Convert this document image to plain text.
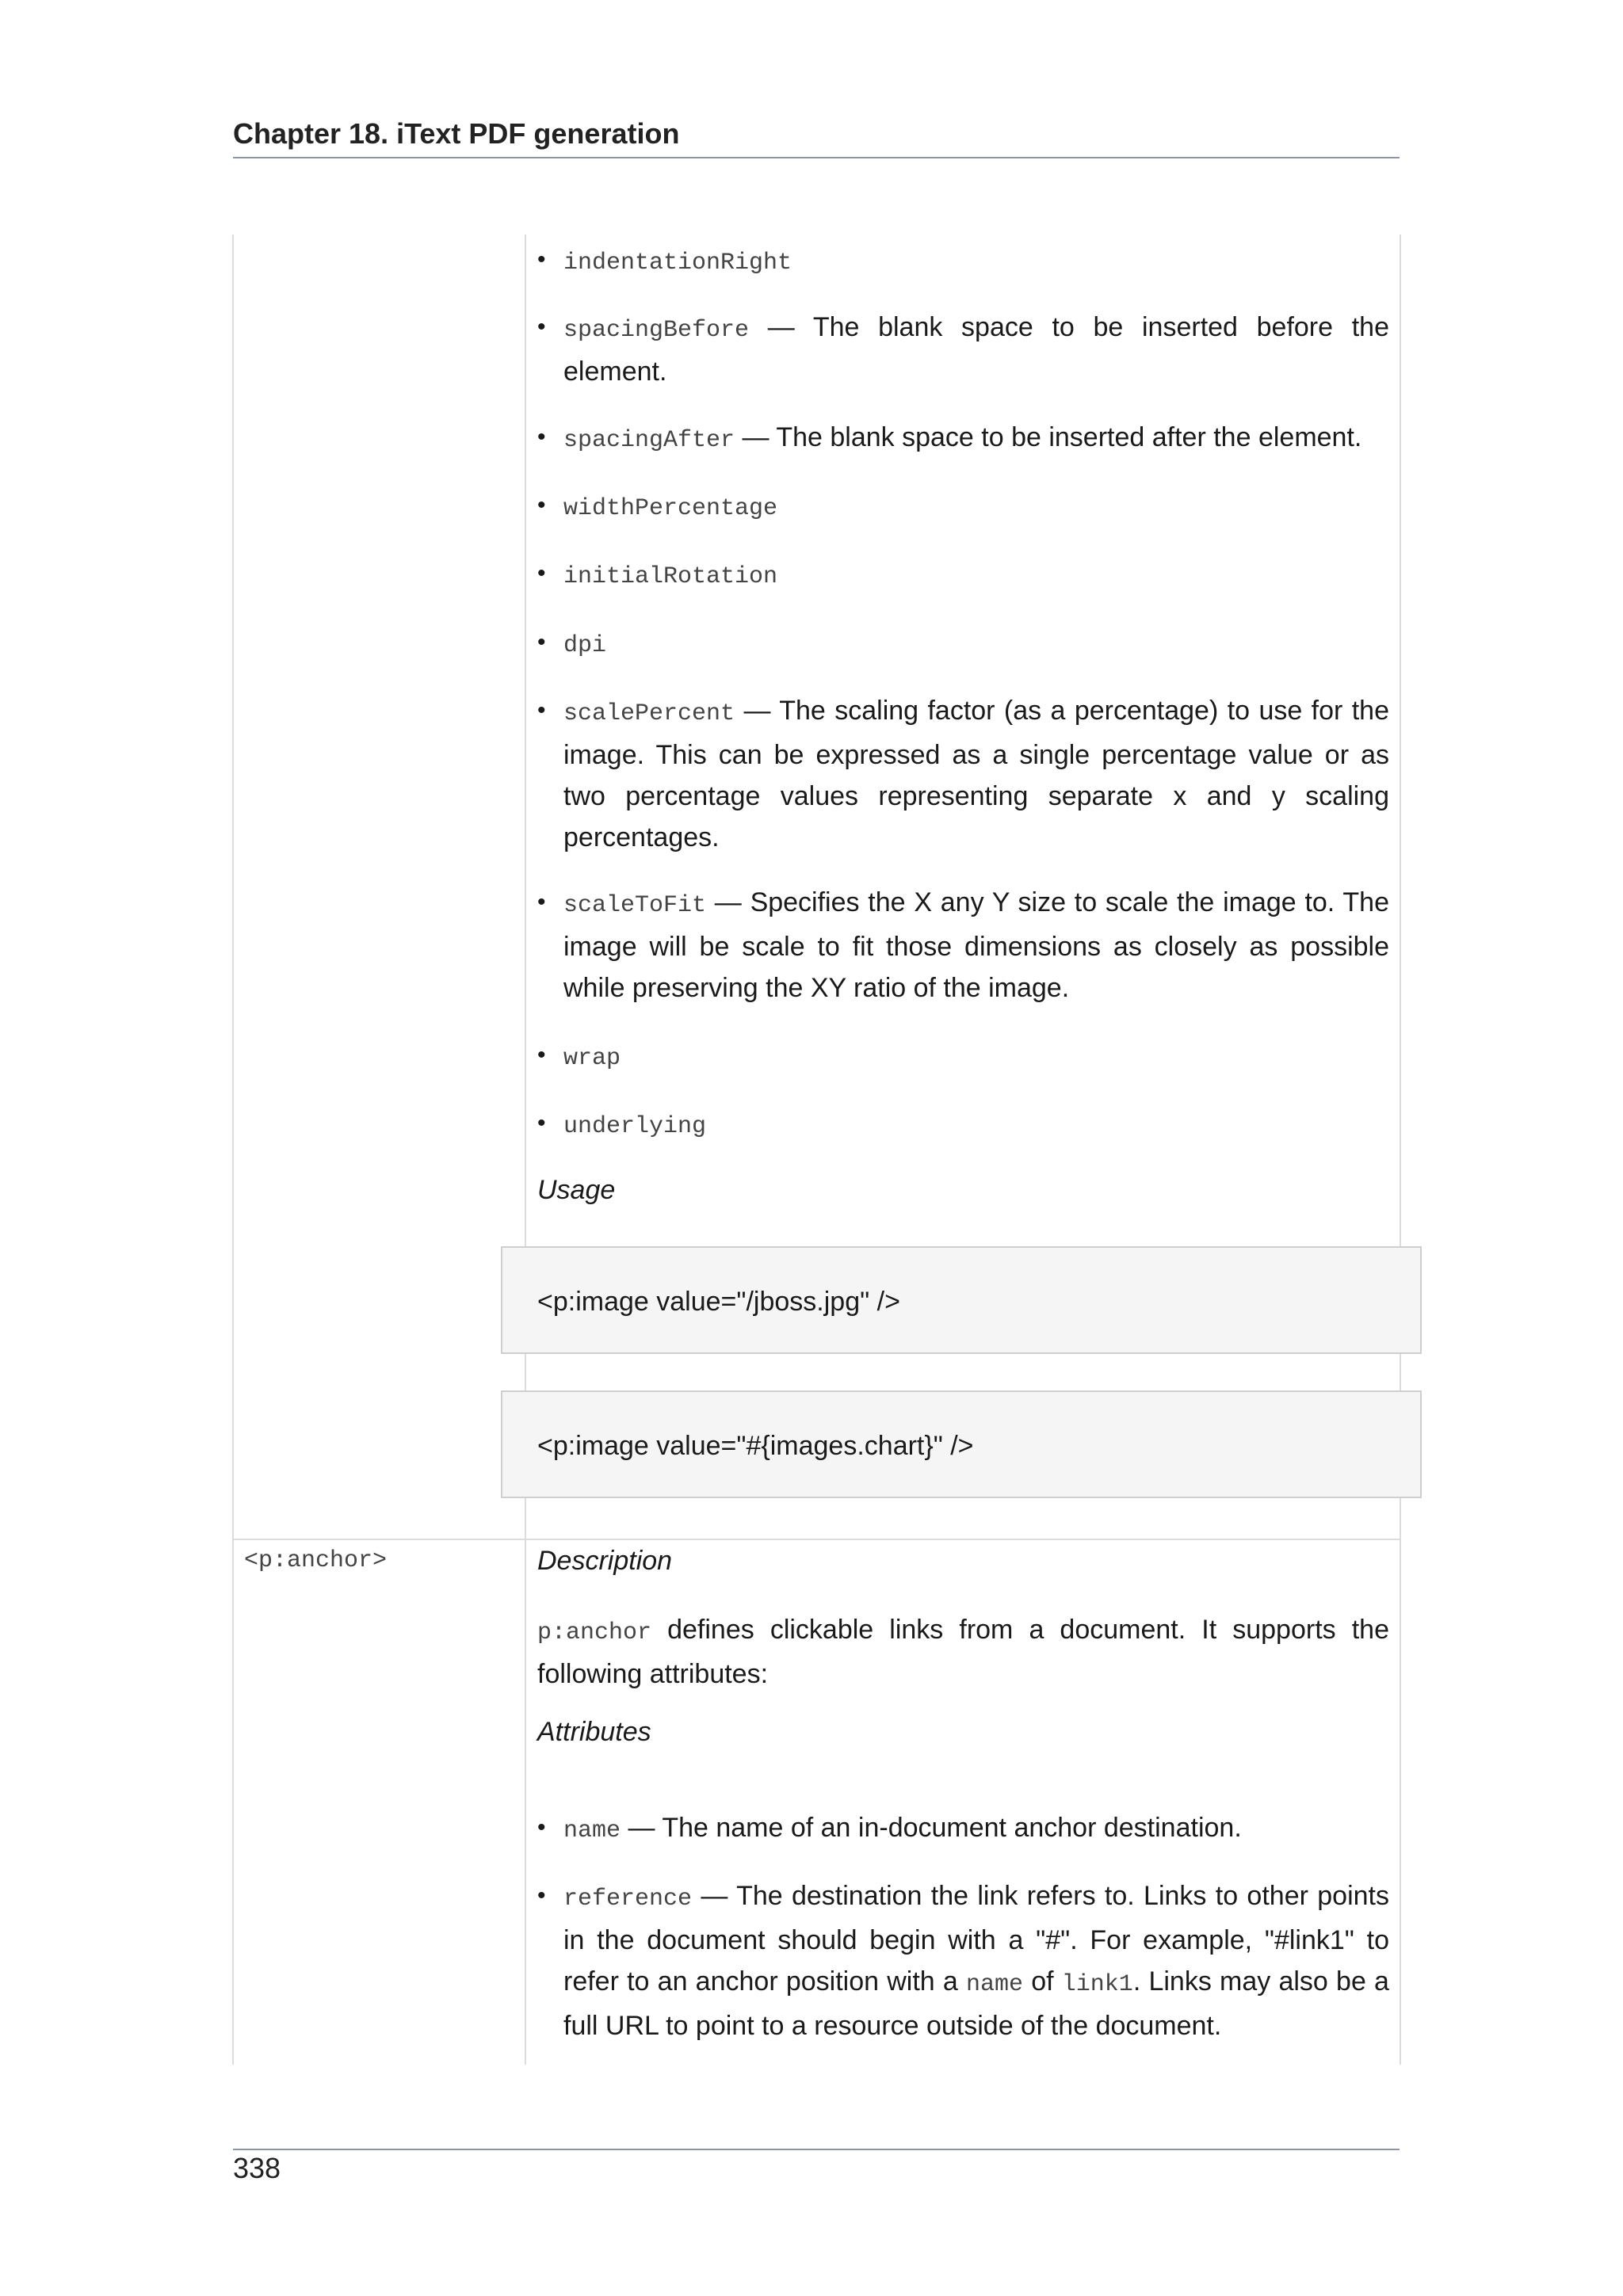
Chapter 18. iText PDF generation
• indentationRight
• spacingBefore — The blank space to be inserted before the element.
• spacingAfter — The blank space to be inserted after the element.
• widthPercentage
• initialRotation
• dpi
• scalePercent — The scaling factor (as a percentage) to use for the image. This can be expressed as a single percentage value or as two percentage values representing separate x and y scaling percentages.
• scaleToFit — Specifies the X any Y size to scale the image to. The image will be scale to fit those dimensions as closely as possible while preserving the XY ratio of the image.
• wrap
• underlying
Usage
<p:image value="/jboss.jpg" />
<p:image value="#{images.chart}" />
<p:anchor>	Description
p:anchor defines clickable links from a document. It supports the following attributes:
Attributes
• name — The name of an in-document anchor destination.
• reference — The destination the link refers to. Links to other points in the document should begin with a "#". For example, "#link1" to refer to an anchor position with a name of link1. Links may also be a full URL to point to a resource outside of the document.
338
